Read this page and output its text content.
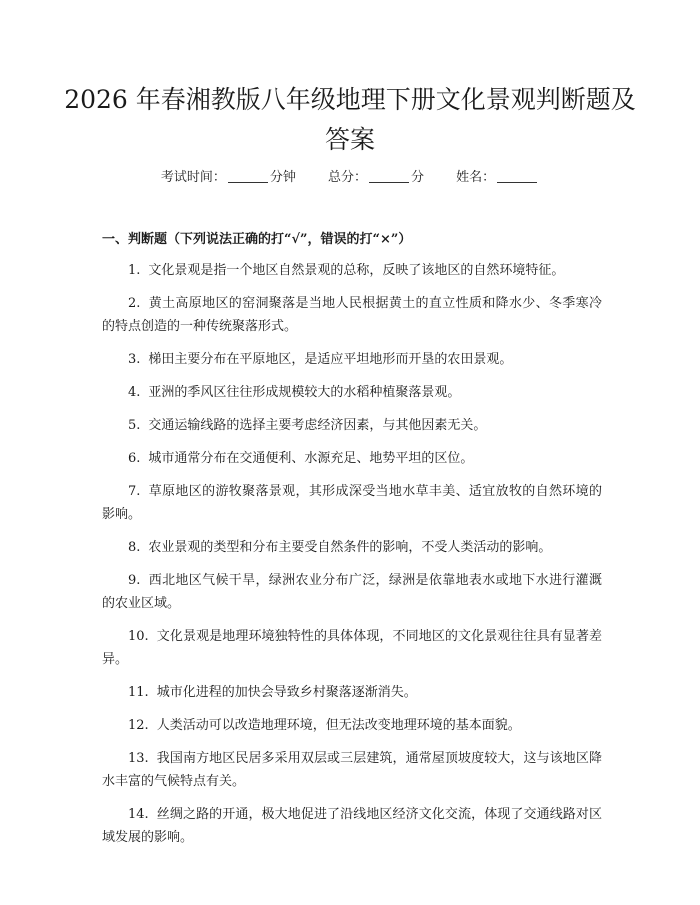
2026 年春湘教版八年级地理下册文化景观判断题及答案
考试时间：	分钟 总分：	分 姓名：
一、判断题（下列说法正确的打“√”，错误的打“×”）

1. 文化景观是指一个地区自然景观的总称，反映了该地区的自然环境特征。

2. 黄土高原地区的窑洞聚落是当地人民根据黄土的直立性质和降水少、冬季寒冷的特点创造的一种传统聚落形式。

3. 梯田主要分布在平原地区，是适应平坦地形而开垦的农田景观。

4. 亚洲的季风区往往形成规模较大的水稻种植聚落景观。

5. 交通运输线路的选择主要考虑经济因素，与其他因素无关。

6. 城市通常分布在交通便利、水源充足、地势平坦的区位。

7. 草原地区的游牧聚落景观，其形成深受当地水草丰美、适宜放牧的自然环境的影响。

8. 农业景观的类型和分布主要受自然条件的影响，不受人类活动的影响。

9. 西北地区气候干旱，绿洲农业分布广泛，绿洲是依靠地表水或地下水进行灌溉的农业区域。

10. 文化景观是地理环境独特性的具体体现，不同地区的文化景观往往具有显著差异。

11. 城市化进程的加快会导致乡村聚落逐渐消失。

12. 人类活动可以改造地理环境，但无法改变地理环境的基本面貌。

13. 我国南方地区民居多采用双层或三层建筑，通常屋顶坡度较大，这与该地区降水丰富的气候特点有关。

14. 丝绸之路的开通，极大地促进了沿线地区经济文化交流，体现了交通线路对区域发展的影响。
